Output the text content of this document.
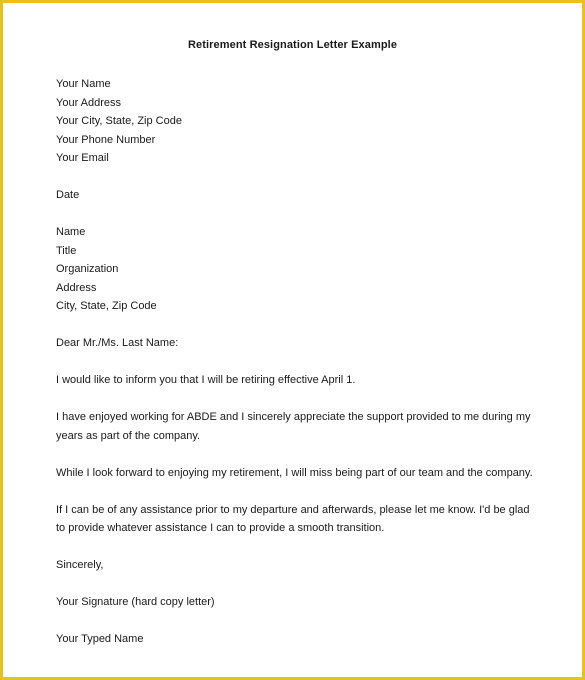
Retirement Resignation Letter Example
Your Name
Your Address
Your City, State, Zip Code
Your Phone Number
Your Email
Date
Name
Title
Organization
Address
City, State, Zip Code
Dear Mr./Ms. Last Name:
I would like to inform you that I will be retiring effective April 1.
I have enjoyed working for ABDE and I sincerely appreciate the support provided to me during my years as part of the company.
While I look forward to enjoying my retirement, I will miss being part of our team and the company.
If I can be of any assistance prior to my departure and afterwards, please let me know. I'd be glad to provide whatever assistance I can to provide a smooth transition.
Sincerely,
Your Signature (hard copy letter)
Your Typed Name
